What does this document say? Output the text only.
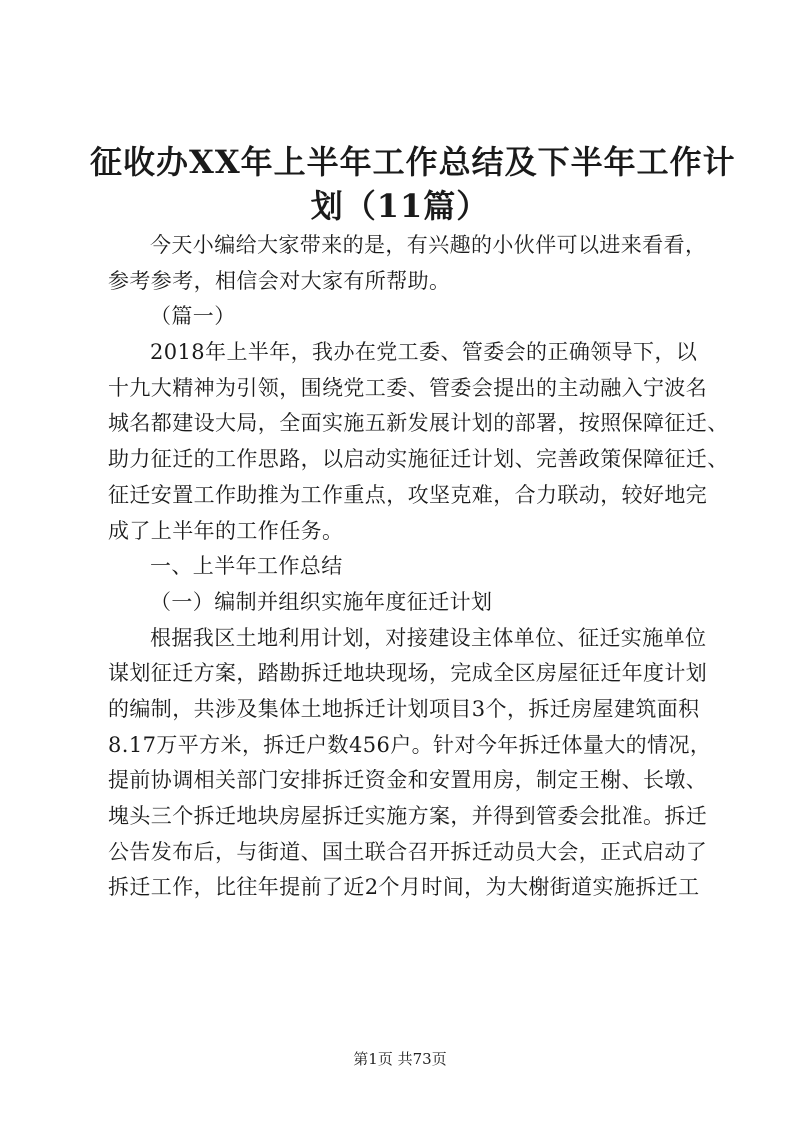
征收办XX年上半年工作总结及下半年工作计
划（11篇）
今天小编给大家带来的是，有兴趣的小伙伴可以进来看看，
参考参考，相信会对大家有所帮助。
（篇一）
2018年上半年，我办在党工委、管委会的正确领导下，以
十九大精神为引领，围绕党工委、管委会提出的主动融入宁波名
城名都建设大局，全面实施五新发展计划的部署，按照保障征迁、
助力征迁的工作思路，以启动实施征迁计划、完善政策保障征迁、
征迁安置工作助推为工作重点，攻坚克难，合力联动，较好地完
成了上半年的工作任务。
一、上半年工作总结
（一）编制并组织实施年度征迁计划
根据我区土地利用计划，对接建设主体单位、征迁实施单位
谋划征迁方案，踏勘拆迁地块现场，完成全区房屋征迁年度计划
的编制，共涉及集体土地拆迁计划项目3个，拆迁房屋建筑面积
8.17万平方米，拆迁户数456户。针对今年拆迁体量大的情况，
提前协调相关部门安排拆迁资金和安置用房，制定王榭、长墩、
塊头三个拆迁地块房屋拆迁实施方案，并得到管委会批准。拆迁
公告发布后，与街道、国土联合召开拆迁动员大会，正式启动了
拆迁工作，比往年提前了近2个月时间，为大榭街道实施拆迁工
第1页 共73页
